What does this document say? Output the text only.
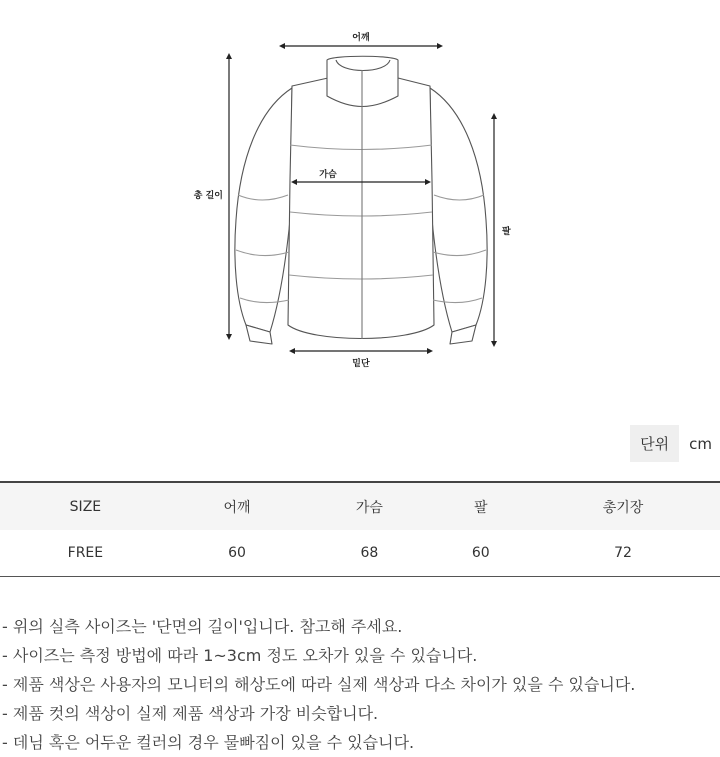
어깨
가슴
총 길이
팔
밑단
단위	cm
SIZE	어깨	가슴	팔	총기장
FREE	60	68	60	72
- 위의 실측 사이즈는 '단면의 길이'입니다. 참고해 주세요.
- 사이즈는 측정 방법에 따라 1~3cm 정도 오차가 있을 수 있습니다.
- 제품 색상은 사용자의 모니터의 해상도에 따라 실제 색상과 다소 차이가 있을 수 있습니다.
- 제품 컷의 색상이 실제 제품 색상과 가장 비슷합니다.
- 데님 혹은 어두운 컬러의 경우 물빠짐이 있을 수 있습니다.
